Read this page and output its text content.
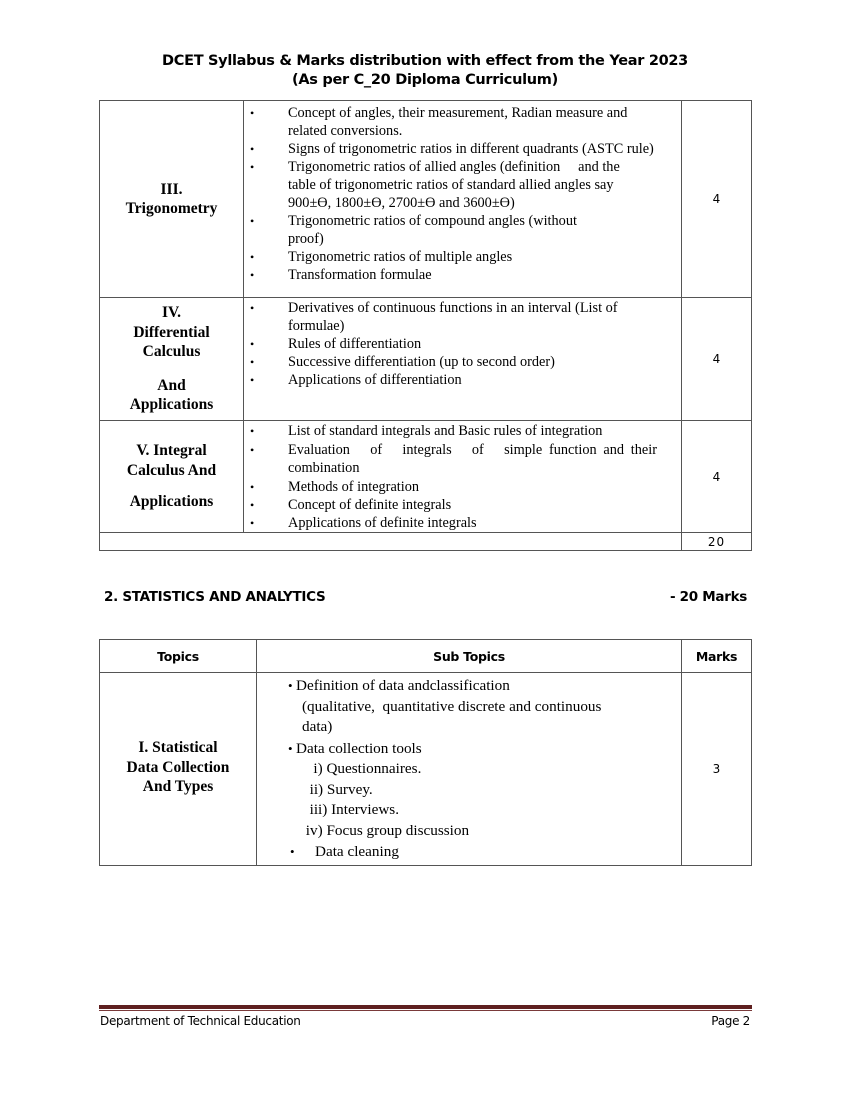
DCET Syllabus & Marks distribution with effect from the Year 2023
(As per C_20 Diploma Curriculum)
III.
Trigonometry

• Concept of angles, their measurement, Radian measure and related conversions.
• Signs of trigonometric ratios in different quadrants (ASTC rule)
• Trigonometric ratios of allied angles (definition     and the table of trigonometric ratios of standard allied angles say 900±ϴ, 1800±ϴ, 2700±ϴ and 3600±ϴ)
• Trigonometric ratios of compound angles (without proof)
• Trigonometric ratios of multiple angles
• Transformation formulae
	4

IV.
Differential
Calculus
And
Applications

• Derivatives of continuous functions in an interval (List of formulae)
• Rules of differentiation
• Successive differentiation (up to second order)
• Applications of differentiation
	4

V. Integral
Calculus And
Applications

• List of standard integrals and Basic rules of integration
• Evaluation   of   integrals   of   simple function and their combination
• Methods of integration
• Concept of definite integrals
• Applications of definite integrals
	4
		20
2. STATISTICS AND ANALYTICS	- 20 Marks
Topics	Sub Topics	Marks

I. Statistical
Data Collection
And Types

• Definition of data andclassification
(qualitative,  quantitative discrete and continuous
data)
• Data collection tools
i) Questionnaires.
ii) Survey.
iii) Interviews.
iv) Focus group discussion
• Data cleaning
	3
Department of Technical Education	Page 2
